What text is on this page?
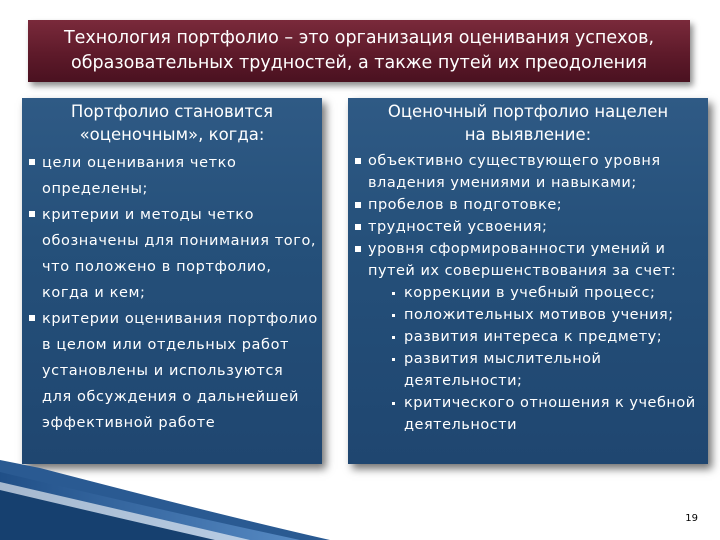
Технология портфолио – это организация оценивания успехов,
образовательных трудностей, а также путей их преодоления
Портфолио становится
«оценочным», когда:
цели оценивания четко определены;
критерии и методы четко обозначены для понимания того, что положено в портфолио, когда и кем;
критерии оценивания портфолио в целом или отдельных работ установлены и используются для обсуждения о дальнейшей эффективной работе
Оценочный портфолио нацелен
на выявление:
объективно существующего уровня владения умениями и навыками;
пробелов в подготовке;
трудностей усвоения;
уровня сформированности умений и путей их совершенствования за счет:
коррекции в учебный процесс;
положительных мотивов учения;
развития интереса к предмету;
развития мыслительной деятельности;
критического отношения к учебной деятельности
19
